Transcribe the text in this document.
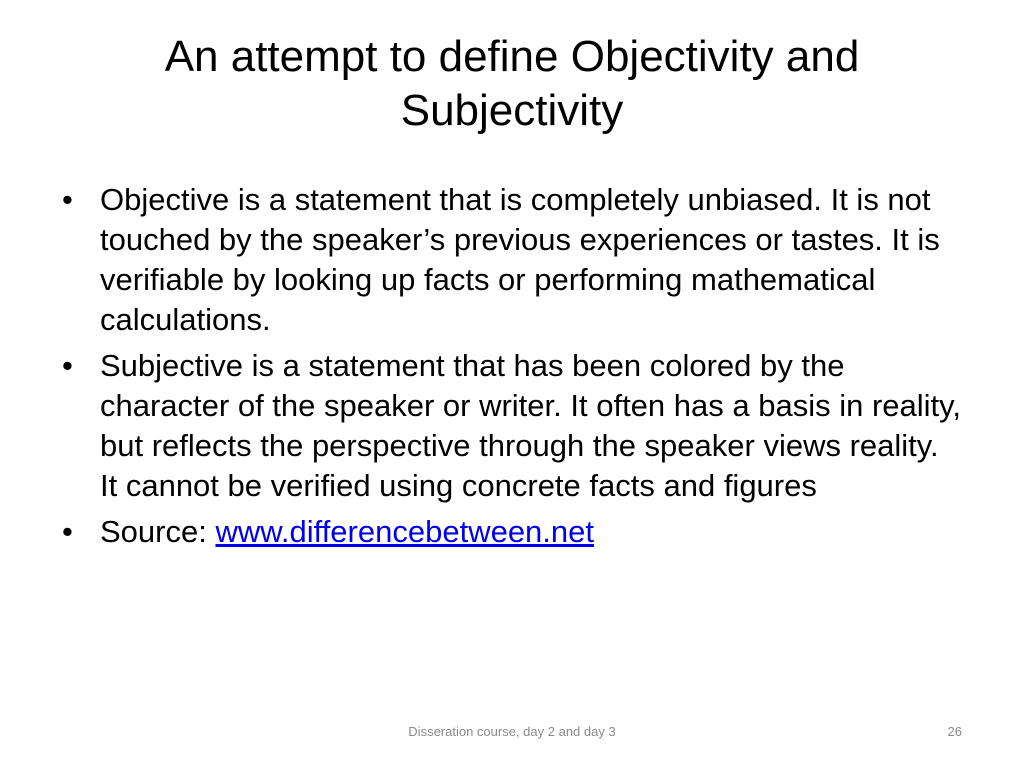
An attempt to define Objectivity and Subjectivity
• Objective is a statement that is completely unbiased. It is not touched by the speaker’s previous experiences or tastes. It is verifiable by looking up facts or performing mathematical calculations.
• Subjective is a statement that has been colored by the character of the speaker or writer. It often has a basis in reality, but reflects the perspective through the speaker views reality. It cannot be verified using concrete facts and figures
• Source: www.differencebetween.net
Disseration course, day 2 and day 3	26
